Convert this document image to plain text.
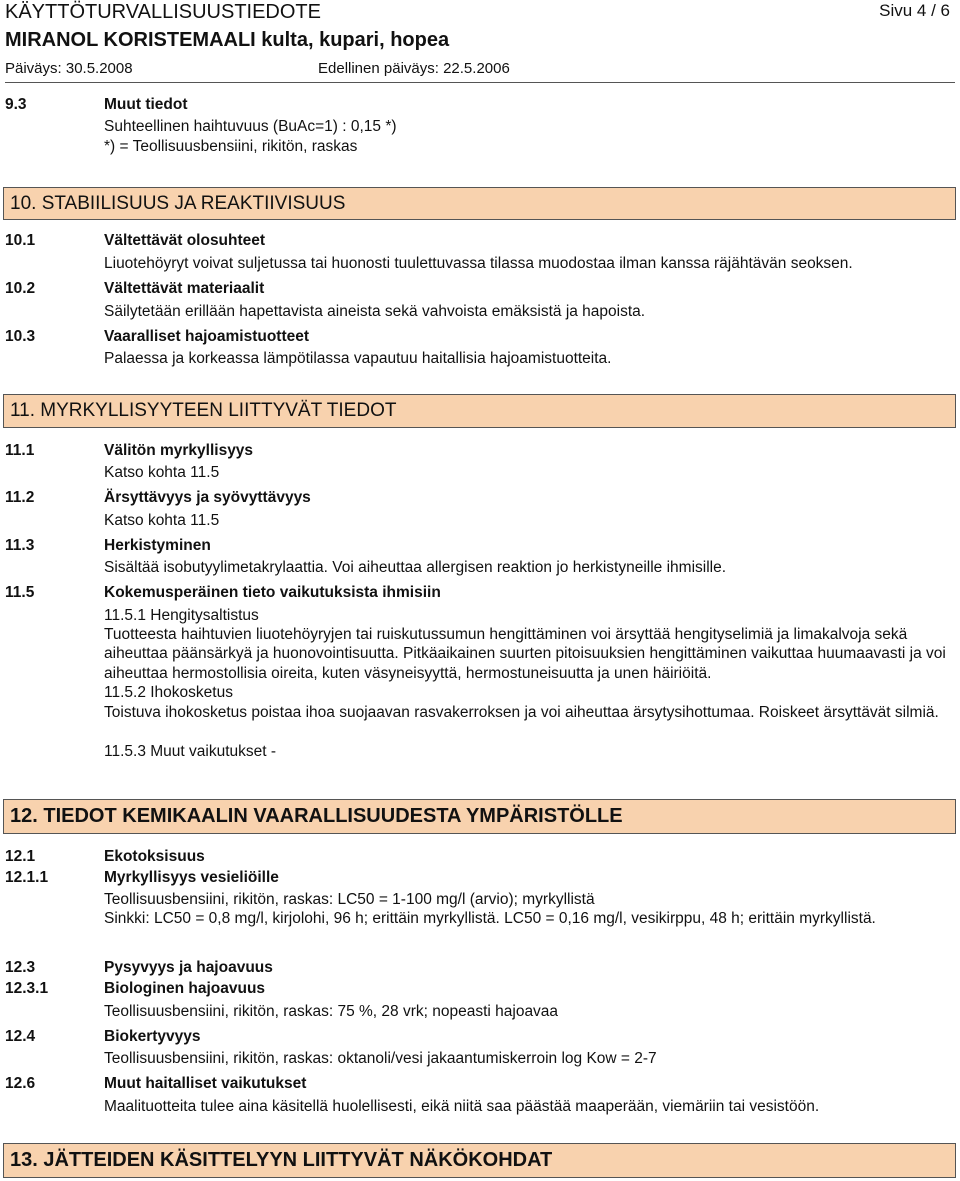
KÄYTTÖTURVALLISUUSTIEDOTE	Sivu 4 / 6
MIRANOL KORISTEMAALI kulta, kupari, hopea
Päiväys: 30.5.2008	Edellinen päiväys: 22.5.2006
9.3	Muut tiedot
Suhteellinen haihtuvuus (BuAc=1) : 0,15 *)
*) = Teollisuusbensiini, rikitön, raskas
10. STABIILISUUS JA REAKTIIVISUUS
10.1	Vältettävät olosuhteet
Liuotehöyryt voivat suljetussa tai huonosti tuulettuvassa tilassa muodostaa ilman kanssa räjähtävän seoksen.
10.2	Vältettävät materiaalit
Säilytetään erillään hapettavista aineista sekä vahvoista emäksistä ja hapoista.
10.3	Vaaralliset hajoamistuotteet
Palaessa ja korkeassa lämpötilassa vapautuu haitallisia hajoamistuotteita.
11. MYRKYLLISYYTEEN LIITTYVÄT TIEDOT
11.1	Välitön myrkyllisyys
Katso kohta 11.5
11.2	Ärsyttävyys ja syövyttävyys
Katso kohta 11.5
11.3	Herkistyminen
Sisältää isobutyylimetakrylaattia. Voi aiheuttaa allergisen reaktion jo herkistyneille ihmisille.
11.5	Kokemusperäinen tieto vaikutuksista ihmisiin
11.5.1 Hengitysaltistus
Tuotteesta haihtuvien liuotehöyryjen tai ruiskutussumun hengittäminen voi ärsyttää hengityselimiä ja limakalvoja sekä aiheuttaa päänsärkyä ja huonovointisuutta. Pitkäaikainen suurten pitoisuuksien hengittäminen vaikuttaa huumaavasti ja voi aiheuttaa hermostollisia oireita, kuten väsyneisyyttä, hermostuneisuutta ja unen häiriöitä.
11.5.2 Ihokosketus
Toistuva ihokosketus poistaa ihoa suojaavan rasvakerroksen ja voi aiheuttaa ärsytysihottumaa. Roiskeet ärsyttävät silmiä.
11.5.3 Muut vaikutukset -
12. TIEDOT KEMIKAALIN VAARALLISUUDESTA YMPÄRISTÖLLE
12.1	Ekotoksisuus
12.1.1	Myrkyllisyys vesieliöille
Teollisuusbensiini, rikitön, raskas: LC50 = 1-100 mg/l (arvio); myrkyllistä
Sinkki: LC50 = 0,8 mg/l, kirjolohi, 96 h; erittäin myrkyllistä. LC50 = 0,16 mg/l, vesikirppu, 48 h; erittäin myrkyllistä.
12.3	Pysyvyys ja hajoavuus
12.3.1	Biologinen hajoavuus
Teollisuusbensiini, rikitön, raskas: 75 %, 28 vrk; nopeasti hajoavaa
12.4	Biokertyvyys
Teollisuusbensiini, rikitön, raskas: oktanoli/vesi jakaantumiskerroin log Kow = 2-7
12.6	Muut haitalliset vaikutukset
Maalituotteita tulee aina käsitellä huolellisesti, eikä niitä saa päästää maaperään, viemäriin tai vesistöön.
13. JÄTTEIDEN KÄSITTELYYN LIITTYVÄT NÄKÖKOHDAT
